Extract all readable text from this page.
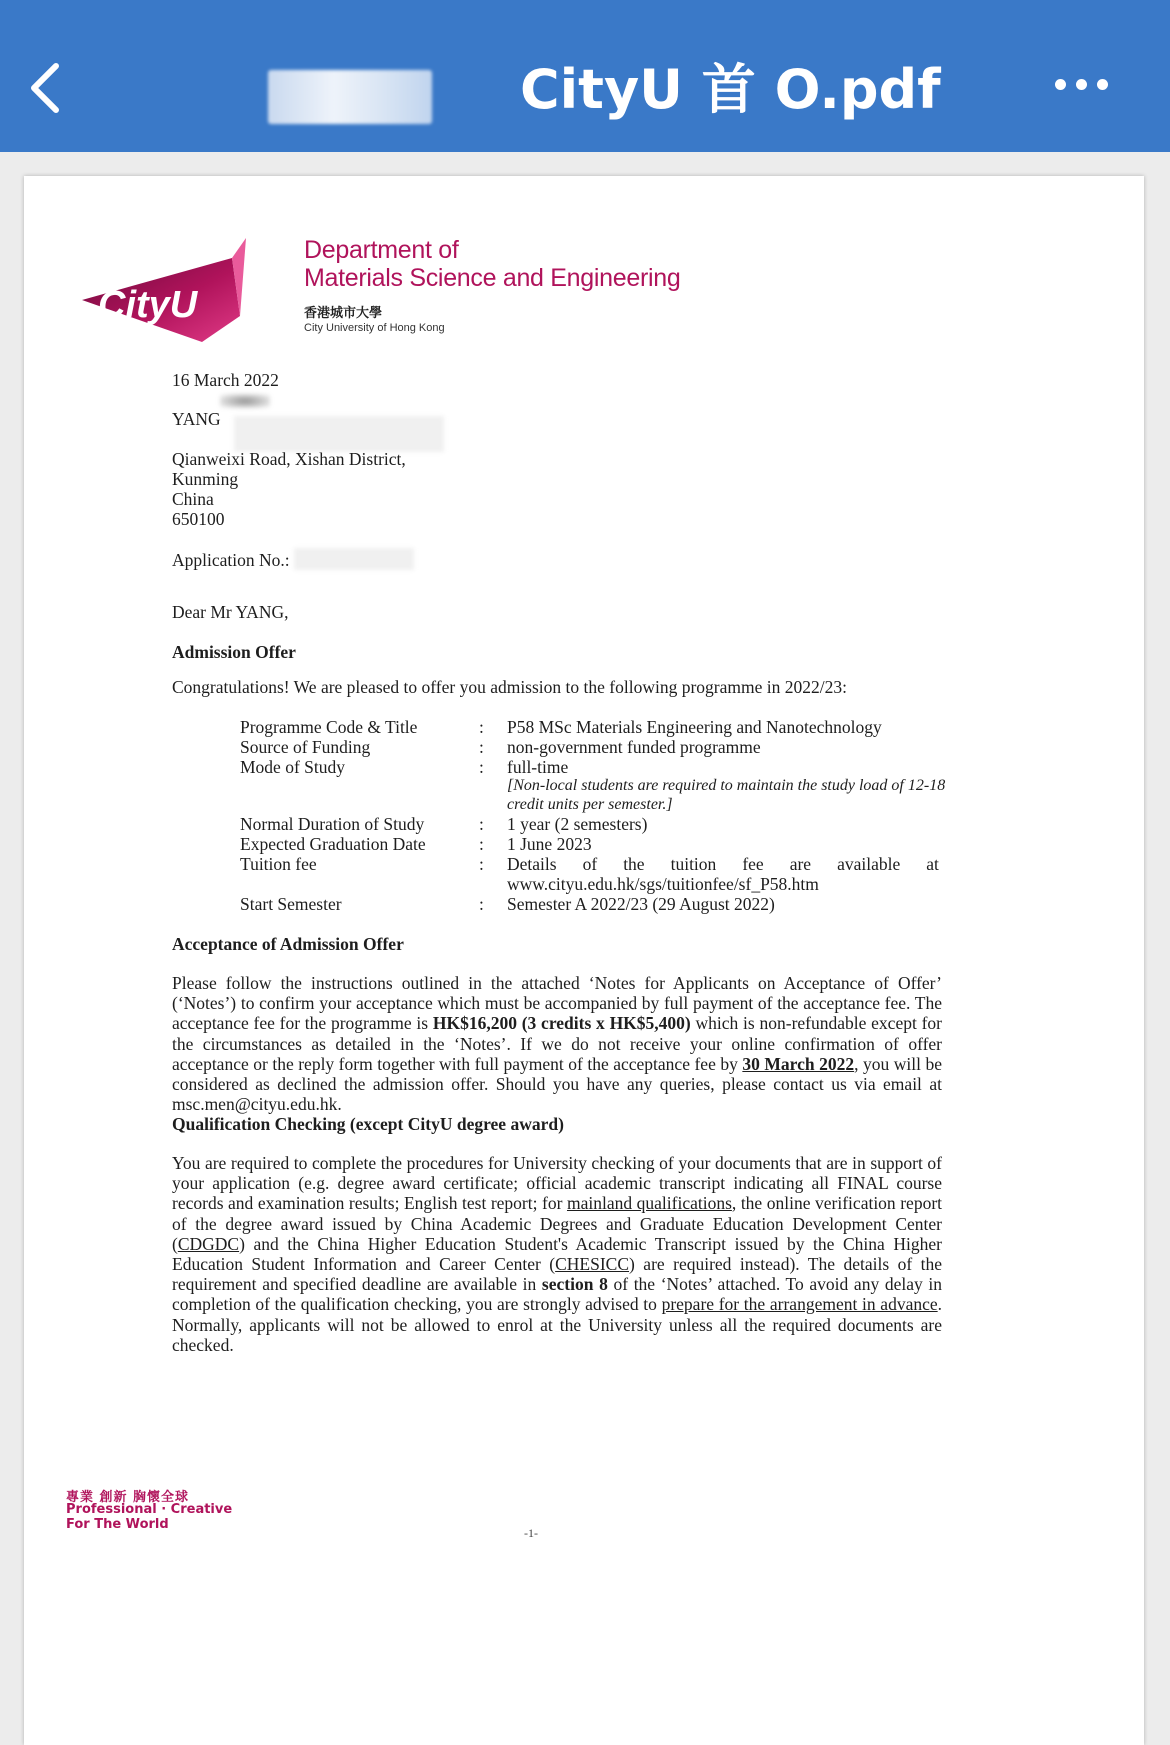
CityU 首 O.pdf
CityU
Department of
Materials Science and Engineering
香港城市大學
City University of Hong Kong
16 March 2022
YANG
Qianweixi Road, Xishan District,
Kunming
China
650100
Application No.:
Dear Mr YANG,
Admission Offer
Congratulations! We are pleased to offer you admission to the following programme in 2022/23:
Programme Code & Title	: P58 MSc Materials Engineering and Nanotechnology
Source of Funding	: non-government funded programme
Mode of Study	: full-time
[Non-local students are required to maintain the study load of 12-18 credit units per semester.]
Normal Duration of Study	: 1 year (2 semesters)
Expected Graduation Date	: 1 June 2023
Tuition fee	: Details of the tuition fee are available at
www.cityu.edu.hk/sgs/tuitionfee/sf_P58.htm
Start Semester	: Semester A 2022/23 (29 August 2022)
Acceptance of Admission Offer
Please follow the instructions outlined in the attached ‘Notes for Applicants on Acceptance of Offer’ (‘Notes’) to confirm your acceptance which must be accompanied by full payment of the acceptance fee. The acceptance fee for the programme is HK$16,200 (3 credits x HK$5,400) which is non-refundable except for the circumstances as detailed in the ‘Notes’. If we do not receive your online confirmation of offer acceptance or the reply form together with full payment of the acceptance fee by 30 March 2022, you will be considered as declined the admission offer. Should you have any queries, please contact us via email at msc.men@cityu.edu.hk.
Qualification Checking (except CityU degree award)
You are required to complete the procedures for University checking of your documents that are in support of your application (e.g. degree award certificate; official academic transcript indicating all FINAL course records and examination results; English test report; for mainland qualifications, the online verification report of the degree award issued by China Academic Degrees and Graduate Education Development Center (CDGDC) and the China Higher Education Student's Academic Transcript issued by the China Higher Education Student Information and Career Center (CHESICC) are required instead). The details of the requirement and specified deadline are available in section 8 of the ‘Notes’ attached. To avoid any delay in completion of the qualification checking, you are strongly advised to prepare for the arrangement in advance. Normally, applicants will not be allowed to enrol at the University unless all the required documents are checked.
專業 創新 胸懷全球
Professional · Creative
For The World
-1-
